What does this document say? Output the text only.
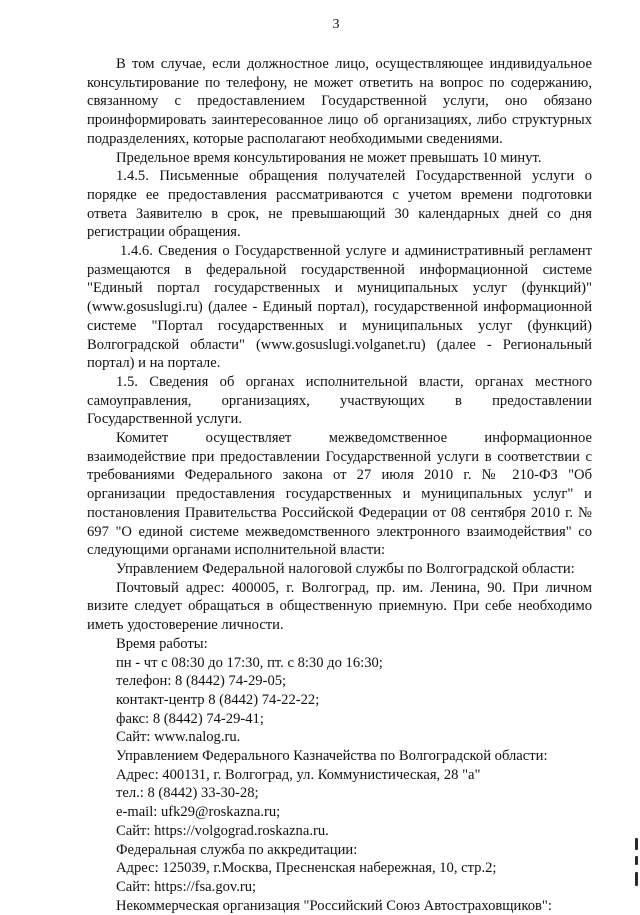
3

В том случае, если должностное лицо, осуществляющее индивидуальное консультирование по телефону, не может ответить на вопрос по содержанию, связанному с предоставлением Государственной услуги, оно обязано проинформировать заинтересованное лицо об организациях, либо структурных подразделениях, которые располагают необходимыми сведениями.

Предельное время консультирования не может превышать 10 минут.

1.4.5. Письменные обращения получателей Государственной услуги о порядке ее предоставления рассматриваются с учетом времени подготовки ответа Заявителю в срок, не превышающий 30 календарных дней со дня регистрации обращения.

1.4.6. Сведения о Государственной услуге и административный регламент размещаются в федеральной государственной информационной системе "Единый портал государственных и муниципальных услуг (функций)" (www.gosuslugi.ru) (далее - Единый портал), государственной информационной системе "Портал государственных и муниципальных услуг (функций) Волгоградской области" (www.gosuslugi.volganet.ru) (далее - Региональный портал) и на портале.

1.5. Сведения об органах исполнительной власти, органах местного самоуправления, организациях, участвующих в предоставлении Государственной услуги.

Комитет осуществляет межведомственное информационное взаимодействие при предоставлении Государственной услуги в соответствии с требованиями Федерального закона от 27 июля 2010 г. № 210-ФЗ "Об организации предоставления государственных и муниципальных услуг" и постановления Правительства Российской Федерации от 08 сентября 2010 г. № 697 "О единой системе межведомственного электронного взаимодействия" со следующими органами исполнительной власти:

Управлением Федеральной налоговой службы по Волгоградской области:

Почтовый адрес: 400005, г. Волгоград, пр. им. Ленина, 90. При личном визите следует обращаться в общественную приемную. При себе необходимо иметь удостоверение личности.

Время работы:
пн - чт с 08:30 до 17:30, пт. с 8:30 до 16:30;
телефон: 8 (8442) 74-29-05;
контакт-центр 8 (8442) 74-22-22;
факс: 8 (8442) 74-29-41;
Сайт: www.nalog.ru.
Управлением Федерального Казначейства по Волгоградской области:
Адрес: 400131, г. Волгоград, ул. Коммунистическая, 28 "а"
тел.: 8 (8442) 33-30-28;
e-mail: ufk29@roskazna.ru;
Сайт: https://volgograd.roskazna.ru.
Федеральная служба по аккредитации:
Адрес: 125039, г.Москва, Пресненская набережная, 10, стр.2;
Сайт: https://fsa.gov.ru;
Некоммерческая организация "Российский Союз Автостраховщиков":
